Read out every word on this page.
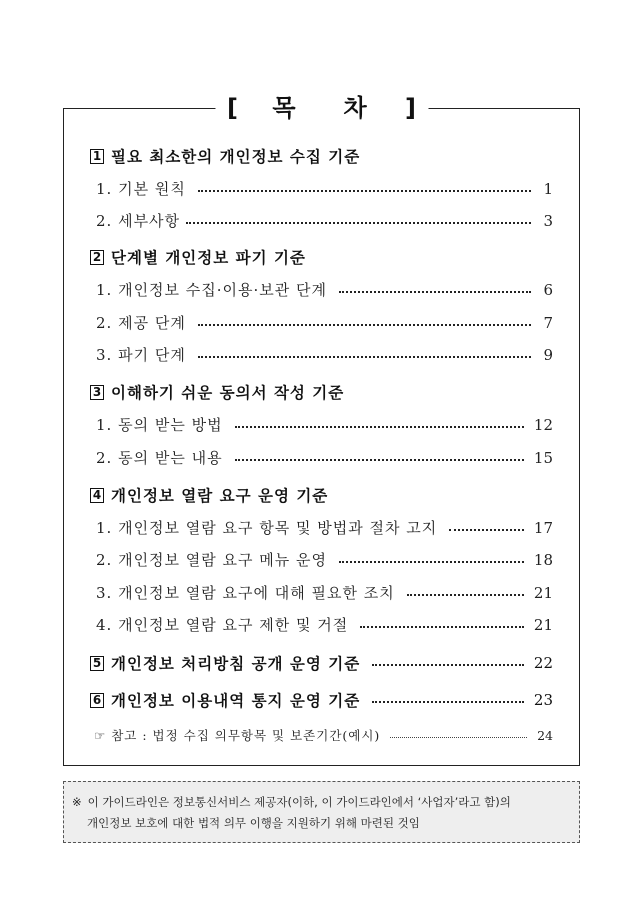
[ 목 차 ]
1 필요 최소한의 개인정보 수집 기준
1. 기본 원칙	1
2. 세부사항	3
2 단계별 개인정보 파기 기준
1. 개인정보 수집·이용·보관 단계	6
2. 제공 단계	7
3. 파기 단계	9
3 이해하기 쉬운 동의서 작성 기준
1. 동의 받는 방법	12
2. 동의 받는 내용	15
4 개인정보 열람 요구 운영 기준
1. 개인정보 열람 요구 항목 및 방법과 절차 고지	17
2. 개인정보 열람 요구 메뉴 운영	18
3. 개인정보 열람 요구에 대해 필요한 조치	21
4. 개인정보 열람 요구 제한 및 거절	21
5 개인정보 처리방침 공개 운영 기준	22
6 개인정보 이용내역 통지 운영 기준	23
☞ 참고 : 법정 수집 의무항목 및 보존기간(예시)	24
※ 이 가이드라인은 정보통신서비스 제공자(이하, 이 가이드라인에서 ‘사업자’라고 함)의
개인정보 보호에 대한 법적 의무 이행을 지원하기 위해 마련된 것임
